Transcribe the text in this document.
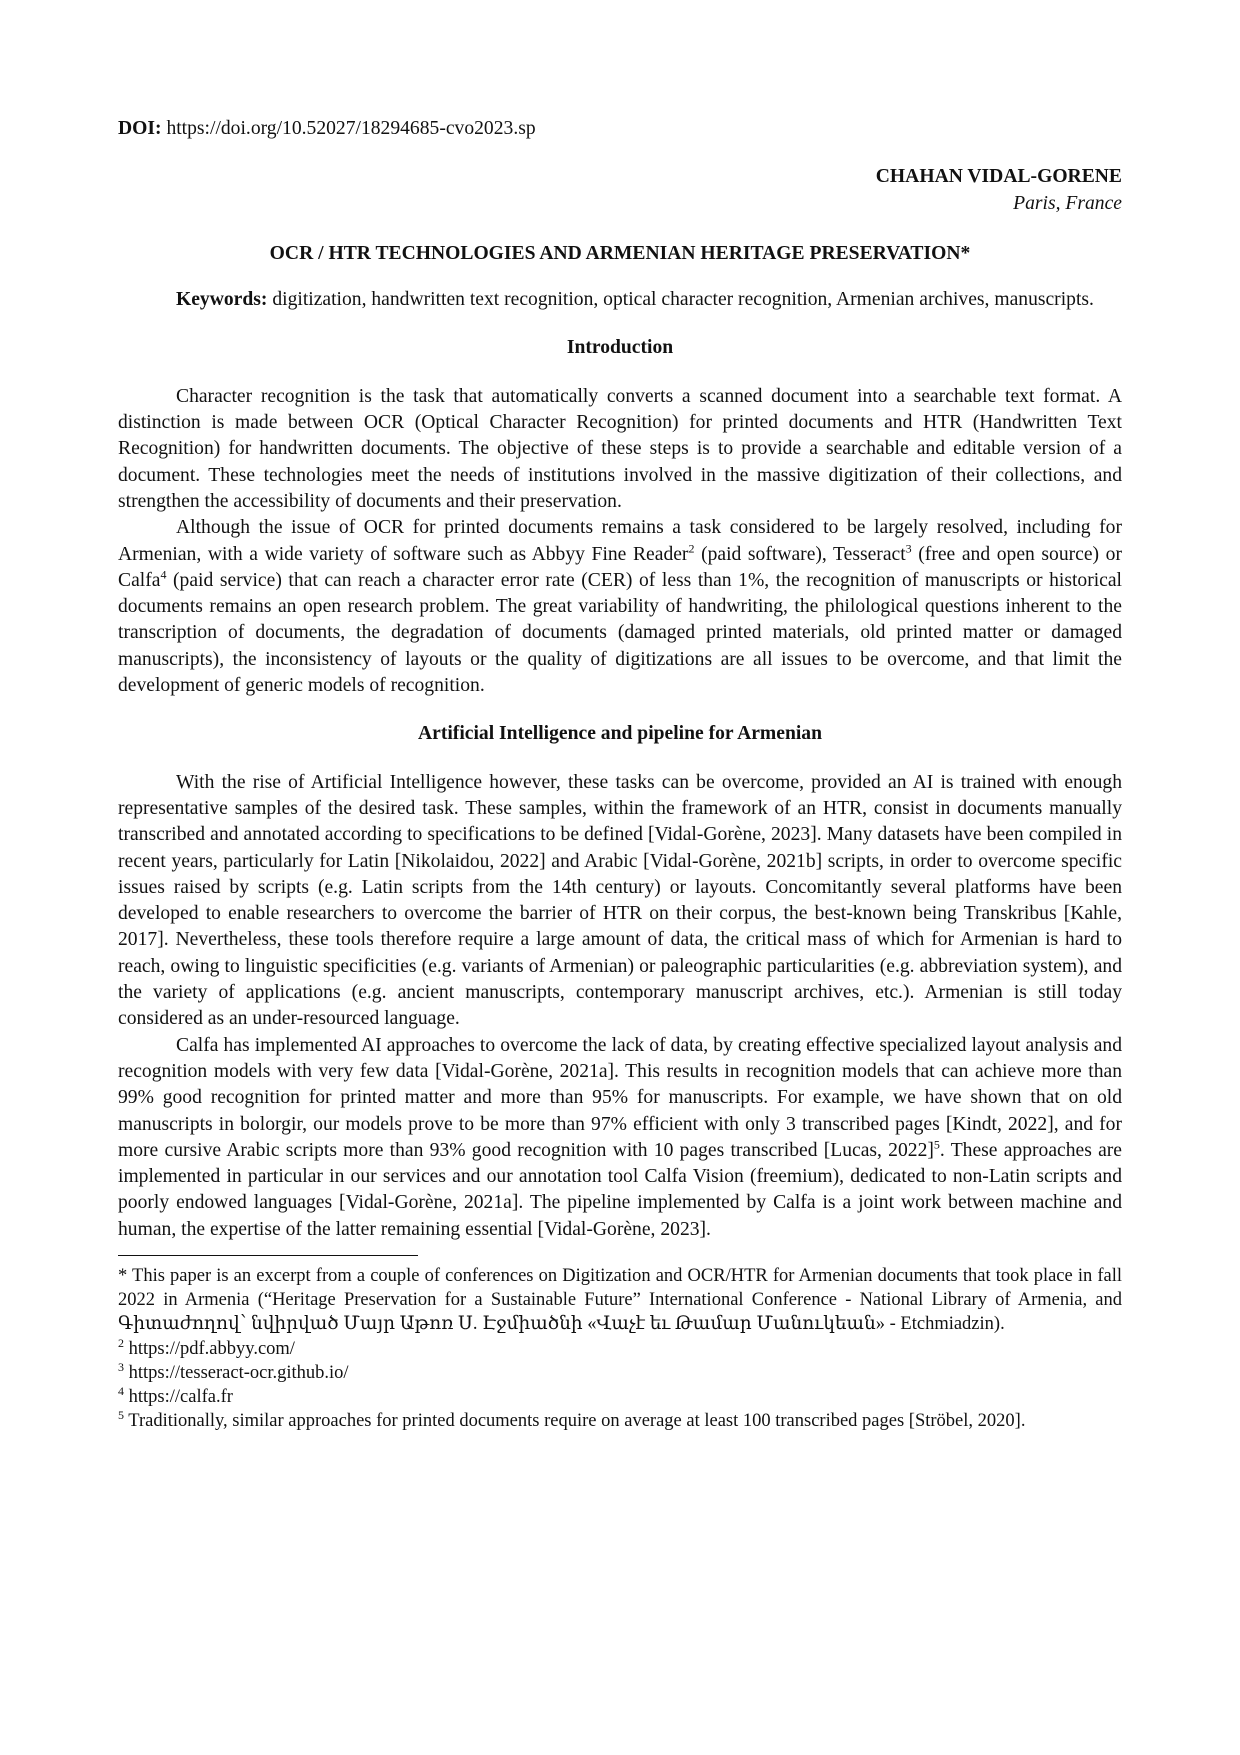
DOI: https://doi.org/10.52027/18294685-cvo2023.sp
CHAHAN VIDAL-GORENE
Paris, France
OCR / HTR TECHNOLOGIES AND ARMENIAN HERITAGE PRESERVATION*
Keywords: digitization, handwritten text recognition, optical character recognition, Armenian archives, manuscripts.
Introduction

Character recognition is the task that automatically converts a scanned document into a searchable text format. A distinction is made between OCR (Optical Character Recognition) for printed documents and HTR (Handwritten Text Recognition) for handwritten documents. The objective of these steps is to provide a searchable and editable version of a document. These technologies meet the needs of institutions involved in the massive digitization of their collections, and strengthen the accessibility of documents and their preservation.

Although the issue of OCR for printed documents remains a task considered to be largely resolved, including for Armenian, with a wide variety of software such as Abbyy Fine Reader$^2$ (paid software), Tesseract$^3$ (free and open source) or Calfa$^4$ (paid service) that can reach a character error rate (CER) of less than 1%, the recognition of manuscripts or historical documents remains an open research problem. The great variability of handwriting, the philological questions inherent to the transcription of documents, the degradation of documents (damaged printed materials, old printed matter or damaged manuscripts), the inconsistency of layouts or the quality of digitizations are all issues to be overcome, and that limit the development of generic models of recognition.

Artificial Intelligence and pipeline for Armenian

With the rise of Artificial Intelligence however, these tasks can be overcome, provided an AI is trained with enough representative samples of the desired task. These samples, within the framework of an HTR, consist in documents manually transcribed and annotated according to specifications to be defined [Vidal-Gorène, 2023]. Many datasets have been compiled in recent years, particularly for Latin [Nikolaidou, 2022] and Arabic [Vidal-Gorène, 2021b] scripts, in order to overcome specific issues raised by scripts (e.g. Latin scripts from the 14th century) or layouts. Concomitantly several platforms have been developed to enable researchers to overcome the barrier of HTR on their corpus, the best-known being Transkribus [Kahle, 2017]. Nevertheless, these tools therefore require a large amount of data, the critical mass of which for Armenian is hard to reach, owing to linguistic specificities (e.g. variants of Armenian) or paleographic particularities (e.g. abbreviation system), and the variety of applications (e.g. ancient manuscripts, contemporary manuscript archives, etc.). Armenian is still today considered as an under-resourced language.

Calfa has implemented AI approaches to overcome the lack of data, by creating effective specialized layout analysis and recognition models with very few data [Vidal-Gorène, 2021a]. This results in recognition models that can achieve more than 99% good recognition for printed matter and more than 95% for manuscripts. For example, we have shown that on old manuscripts in bolorgir, our models prove to be more than 97% efficient with only 3 transcribed pages [Kindt, 2022], and for more cursive Arabic scripts more than 93% good recognition with 10 pages transcribed [Lucas, 2022]$^5$. These approaches are implemented in particular in our services and our annotation tool Calfa Vision (freemium), dedicated to non-Latin scripts and poorly endowed languages [Vidal-Gorène, 2021a]. The pipeline implemented by Calfa is a joint work between machine and human, the expertise of the latter remaining essential [Vidal-Gorène, 2023].

* This paper is an excerpt from a couple of conferences on Digitization and OCR/HTR for Armenian documents that took place in fall 2022 in Armenia (“Heritage Preservation for a Sustainable Future” International Conference - National Library of Armenia, and Գիտաժողով՝ նվիրված Մայր Աթոռ Ս. Էջմիածնի «Վաչէ եւ Թամար Մանուկեան» - Etchmiadzin).
$^2$ https://pdf.abbyy.com/
$^3$ https://tesseract-ocr.github.io/
$^4$ https://calfa.fr
$^5$ Traditionally, similar approaches for printed documents require on average at least 100 transcribed pages [Ströbel, 2020].
